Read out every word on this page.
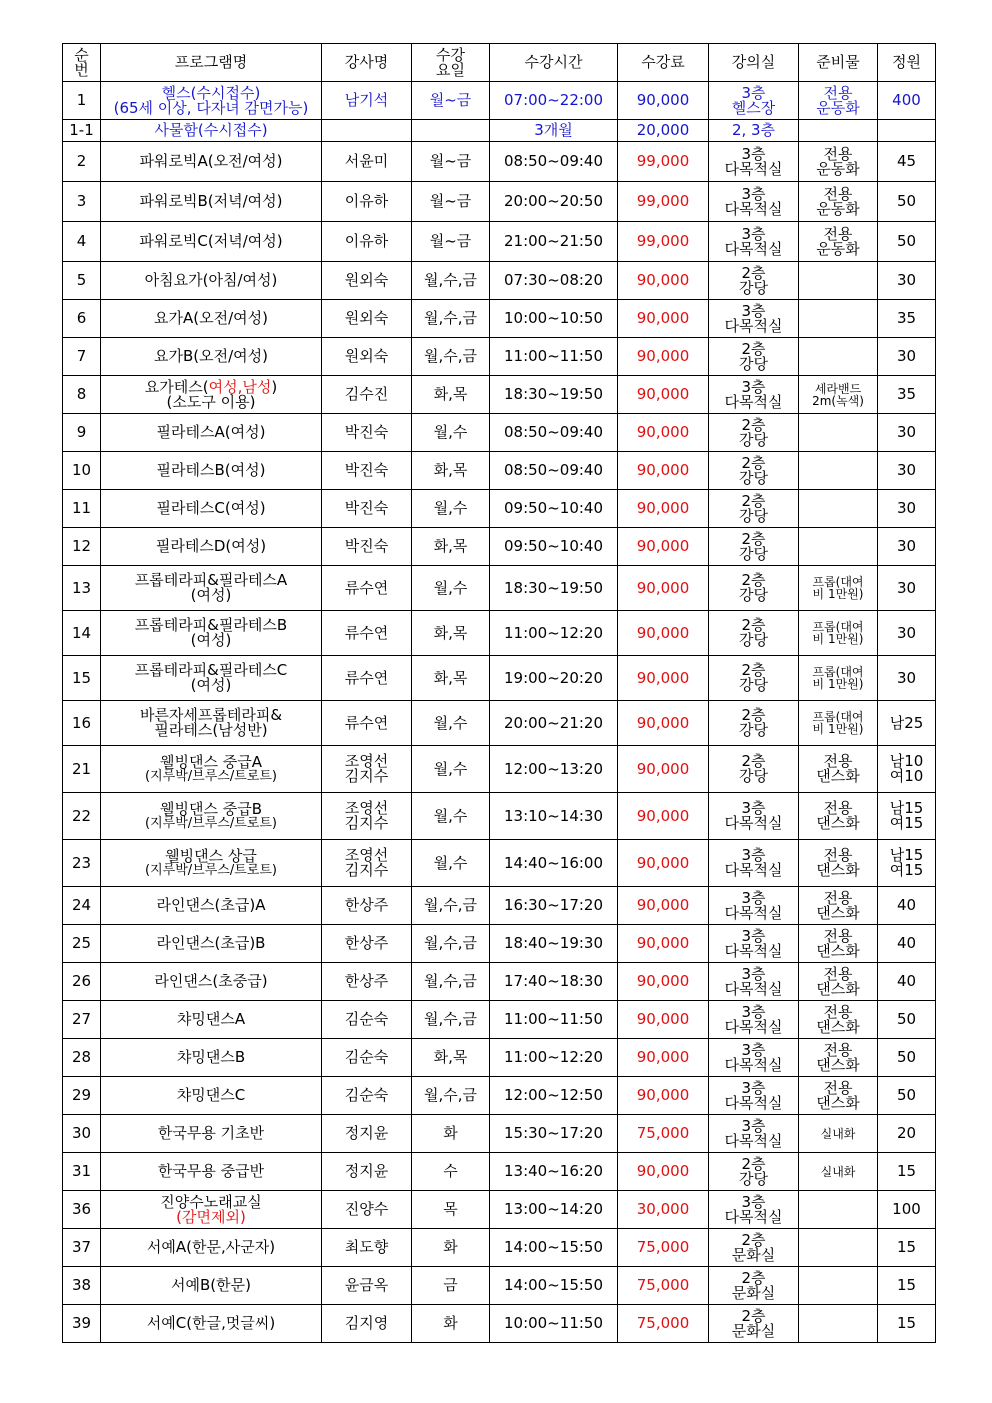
순
번	프로그램명	강사명	수강
요일	수강시간	수강료	강의실	준비물	정원

1	헬스(수시접수)
(65세 이상, 다자녀 감면가능)	남기석	월~금	07:00~22:00	90,000	3층
헬스장	전용
운동화	400

1-1	사물함(수시접수)			3개월	20,000	2, 3층		

2	파워로빅A(오전/여성)	서윤미	월~금	08:50~09:40	99,000	3층
다목적실	전용
운동화	45

3	파워로빅B(저녁/여성)	이유하	월~금	20:00~20:50	99,000	3층
다목적실	전용
운동화	50

4	파워로빅C(저녁/여성)	이유하	월~금	21:00~21:50	99,000	3층
다목적실	전용
운동화	50

5	아침요가(아침/여성)	원외숙	월,수,금	07:30~08:20	90,000	2층
강당		30

6	요가A(오전/여성)	원외숙	월,수,금	10:00~10:50	90,000	3층
다목적실		35

7	요가B(오전/여성)	원외숙	월,수,금	11:00~11:50	90,000	2층
강당		30

8	요가테스(여성,남성)
(소도구 이용)	김수진	화,목	18:30~19:50	90,000	3층
다목적실	세라밴드
2m(녹색)	35

9	필라테스A(여성)	박진숙	월,수	08:50~09:40	90,000	2층
강당		30

10	필라테스B(여성)	박진숙	화,목	08:50~09:40	90,000	2층
강당		30

11	필라테스C(여성)	박진숙	월,수	09:50~10:40	90,000	2층
강당		30

12	필라테스D(여성)	박진숙	화,목	09:50~10:40	90,000	2층
강당		30

13	프롭테라피&필라테스A
(여성)	류수연	월,수	18:30~19:50	90,000	2층
강당	프롭(대여
비 1만원)	30

14	프롭테라피&필라테스B
(여성)	류수연	화,목	11:00~12:20	90,000	2층
강당	프롭(대여
비 1만원)	30

15	프롭테라피&필라테스C
(여성)	류수연	화,목	19:00~20:20	90,000	2층
강당	프롭(대여
비 1만원)	30

16	바른자세프롭테라피&
필라테스(남성반)	류수연	월,수	20:00~21:20	90,000	2층
강당	프롭(대여
비 1만원)	남25

21	웰빙댄스 중급A
(지루박/브루스/트로트)	조영선
김지수	월,수	12:00~13:20	90,000	2층
강당	전용
댄스화	남10
여10

22	웰빙댄스 중급B
(지루박/브루스/트로트)	조영선
김지수	월,수	13:10~14:30	90,000	3층
다목적실	전용
댄스화	남15
여15

23	웰빙댄스 상급
(지루박/브루스/트로트)	조영선
김지수	월,수	14:40~16:00	90,000	3층
다목적실	전용
댄스화	남15
여15

24	라인댄스(초급)A	한상주	월,수,금	16:30~17:20	90,000	3층
다목적실	전용
댄스화	40

25	라인댄스(초급)B	한상주	월,수,금	18:40~19:30	90,000	3층
다목적실	전용
댄스화	40

26	라인댄스(초중급)	한상주	월,수,금	17:40~18:30	90,000	3층
다목적실	전용
댄스화	40

27	챠밍댄스A	김순숙	월,수,금	11:00~11:50	90,000	3층
다목적실	전용
댄스화	50

28	챠밍댄스B	김순숙	화,목	11:00~12:20	90,000	3층
다목적실	전용
댄스화	50

29	챠밍댄스C	김순숙	월,수,금	12:00~12:50	90,000	3층
다목적실	전용
댄스화	50

30	한국무용 기초반	정지윤	화	15:30~17:20	75,000	3층
다목적실	실내화	20

31	한국무용 중급반	정지윤	수	13:40~16:20	90,000	2층
강당	실내화	15

36	진양수노래교실
(감면제외)	진양수	목	13:00~14:20	30,000	3층
다목적실		100

37	서예A(한문,사군자)	최도향	화	14:00~15:50	75,000	2층
문화실		15

38	서예B(한문)	윤금옥	금	14:00~15:50	75,000	2층
문화실		15

39	서예C(한글,멋글씨)	김지영	화	10:00~11:50	75,000	2층
문화실		15
